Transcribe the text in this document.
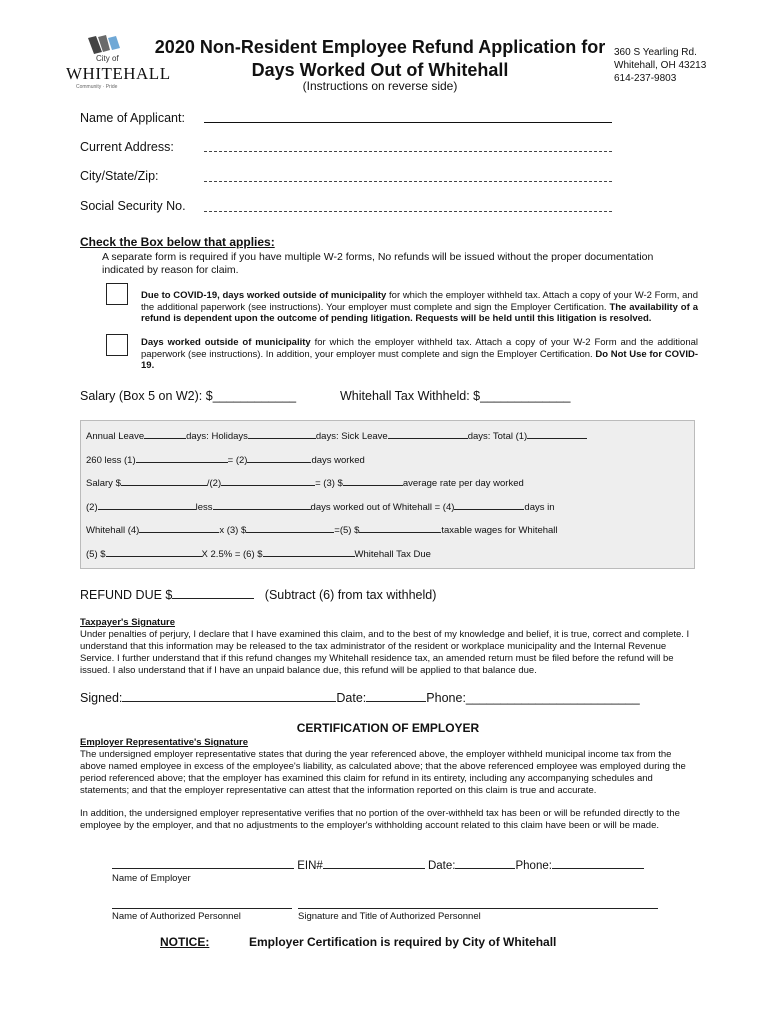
City of
WHITEHALL
Community · Pride
2020 Non-Resident Employee Refund Application for
Days Worked Out of Whitehall
(Instructions on reverse side)
360 S Yearling Rd.
Whitehall, OH 43213
614-237-9803
Name of Applicant:
Current Address:
City/State/Zip:
Social Security No.
Check the Box below that applies:
A separate form is required if you have multiple W-2 forms, No refunds will be issued without the proper documentation indicated by reason for claim.
Due to COVID-19, days worked outside of municipality for which the employer withheld tax. Attach a copy of your W-2 Form, and the additional paperwork (see instructions). Your employer must complete and sign the Employer Certification. The availability of a refund is dependent upon the outcome of pending litigation. Requests will be held until this litigation is resolved.
Days worked outside of municipality for which the employer withheld tax. Attach a copy of your W-2 Form and the additional paperwork (see instructions). In addition, your employer must complete and sign the Employer Certification. Do Not Use for COVID-19.
Salary (Box 5 on W2): $____________	Whitehall Tax Withheld: $_____________
Annual Leave	days: Holidays	days: Sick Leave	days: Total (1)
260 less (1)	= (2)	days worked
Salary $	/(2)	= (3) $	average rate per day worked
(2)	less	days worked out of Whitehall = (4)	days in
Whitehall (4)	x (3) $	=(5) $	taxable wages for Whitehall
(5) $	X 2.5% = (6) $	Whitehall Tax Due
REFUND DUE $	(Subtract (6) from tax withheld)
Taxpayer's Signature
Under penalties of perjury, I declare that I have examined this claim, and to the best of my knowledge and belief, it is true, correct and complete. I understand that this information may be released to the tax administrator of the resident or workplace municipality and the Internal Revenue Service. I further understand that if this refund changes my Whitehall residence tax, an amended return must be filed before the refund will be issued. I also understand that if I have an unpaid balance due, this refund will be applied to that balance due.
Signed:	Date:	Phone:_________________________
CERTIFICATION OF EMPLOYER
Employer Representative's Signature
The undersigned employer representative states that during the year referenced above, the employer withheld municipal income tax from the above named employee in excess of the employee's liability, as calculated above; that the above referenced employee was employed during the period referenced above; that the employer has examined this claim for refund in its entirety, including any accompanying schedules and statements; and that the employer representative can attest that the information reported on this claim is true and accurate.
In addition, the undersigned employer representative verifies that no portion of the over-withheld tax has been or will be refunded directly to the employee by the employer, and that no adjustments to the employer's withholding account related to this claim have been or will be made.
EIN#	Date:	Phone:
Name of Employer
Name of Authorized Personnel	Signature and Title of Authorized Personnel
NOTICE:	Employer Certification is required by City of Whitehall
